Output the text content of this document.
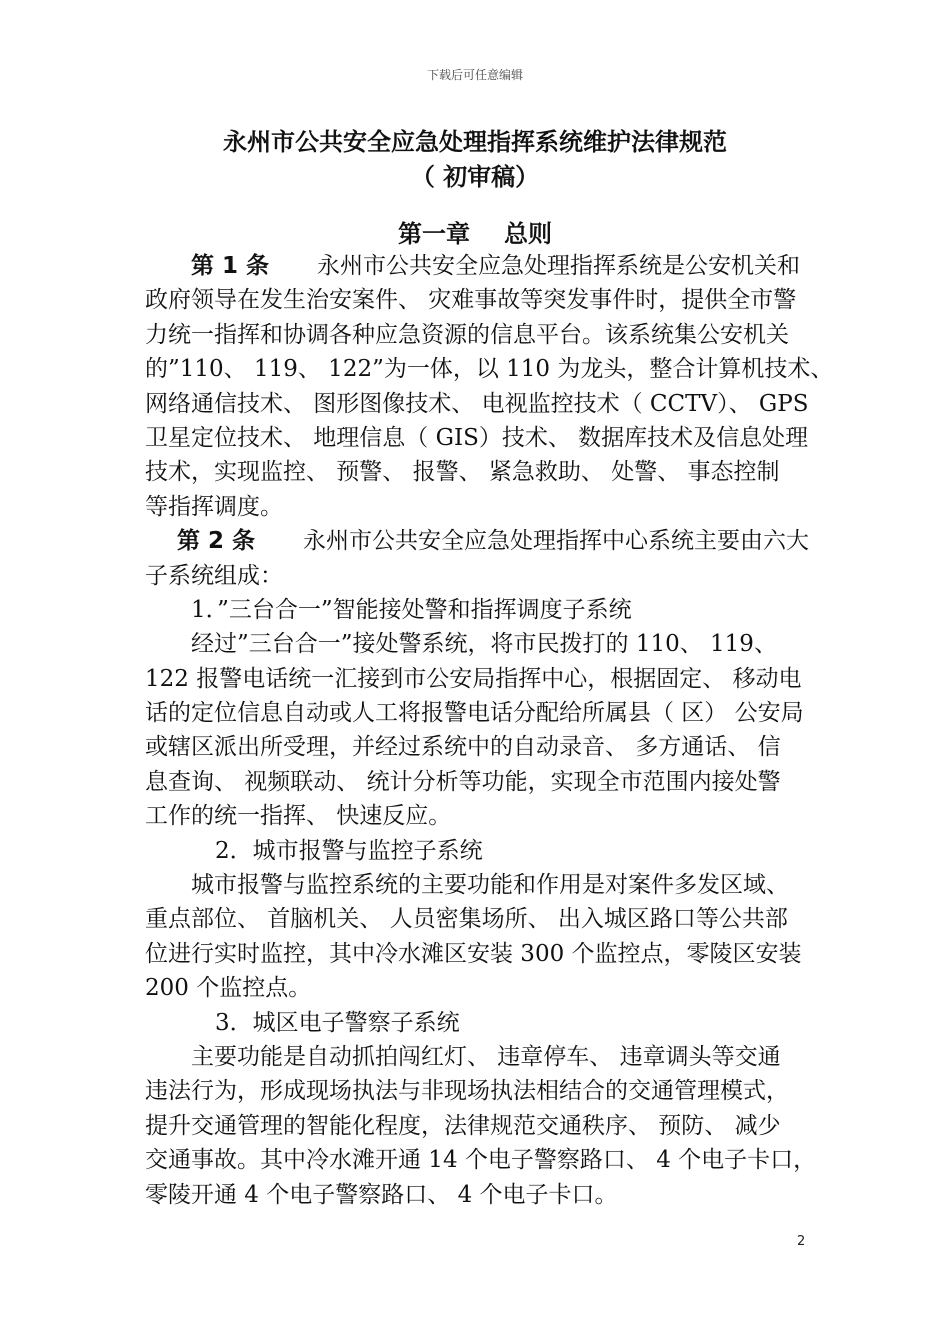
下载后可任意编辑
永州市公共安全应急处理指挥系统维护法律规范
（ 初审稿）
第一章 总则
第 1 条 永州市公共安全应急处理指挥系统是公安机关和
政府领导在发生治安案件、 灾难事故等突发事件时，提供全市警
力统一指挥和协调各种应急资源的信息平台。该系统集公安机关
的”110、 119、 122”为一体，以 110 为龙头，整合计算机技术、
网络通信技术、 图形图像技术、 电视监控技术（ CCTV）、 GPS
卫星定位技术、 地理信息（ GIS）技术、 数据库技术及信息处理
技术，实现监控、 预警、 报警、 紧急救助、 处警、 事态控制
等指挥调度。
第 2 条 永州市公共安全应急处理指挥中心系统主要由六大
子系统组成：
1．”三台合一”智能接处警和指挥调度子系统
经过”三台合一”接处警系统，将市民拨打的 110、 119、
122 报警电话统一汇接到市公安局指挥中心，根据固定、 移动电
话的定位信息自动或人工将报警电话分配给所属县（ 区） 公安局
或辖区派出所受理，并经过系统中的自动录音、 多方通话、 信
息查询、 视频联动、 统计分析等功能，实现全市范围内接处警
工作的统一指挥、 快速反应。
2．城市报警与监控子系统
城市报警与监控系统的主要功能和作用是对案件多发区域、
重点部位、 首脑机关、 人员密集场所、 出入城区路口等公共部
位进行实时监控，其中冷水滩区安装 300 个监控点，零陵区安装
200 个监控点。
3．城区电子警察子系统
主要功能是自动抓拍闯红灯、 违章停车、 违章调头等交通
违法行为，形成现场执法与非现场执法相结合的交通管理模式，
提升交通管理的智能化程度，法律规范交通秩序、 预防、 减少
交通事故。其中冷水滩开通 14 个电子警察路口、 4 个电子卡口，
零陵开通 4 个电子警察路口、 4 个电子卡口。
2
